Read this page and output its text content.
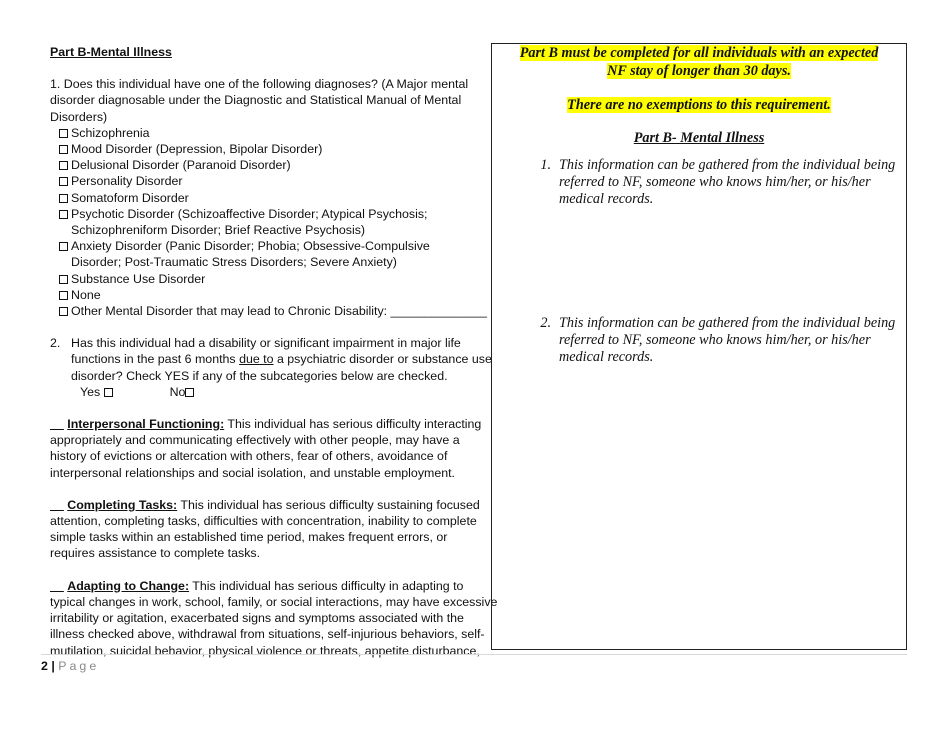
Part B-Mental Illness
1. Does this individual have one of the following diagnoses? (A Major mental
disorder diagnosable under the Diagnostic and Statistical Manual of Mental
Disorders)
Schizophrenia
Mood Disorder (Depression, Bipolar Disorder)
Delusional Disorder (Paranoid Disorder)
Personality Disorder
Somatoform Disorder
Psychotic Disorder (Schizoaffective Disorder; Atypical Psychosis;
Schizophreniform Disorder; Brief Reactive Psychosis)
Anxiety Disorder (Panic Disorder; Phobia; Obsessive-Compulsive
Disorder; Post-Traumatic Stress Disorders; Severe Anxiety)
Substance Use Disorder
None
Other Mental Disorder that may lead to Chronic Disability: ______________
2. Has this individual had a disability or significant impairment in major life
functions in the past 6 months due to a psychiatric disorder or substance use
disorder? Check YES if any of the subcategories below are checked.
Yes	No
__ Interpersonal Functioning: This individual has serious difficulty interacting
appropriately and communicating effectively with other people, may have a
history of evictions or altercation with others, fear of others, avoidance of
interpersonal relationships and social isolation, and unstable employment.
__ Completing Tasks: This individual has serious difficulty sustaining focused
attention, completing tasks, difficulties with concentration, inability to complete
simple tasks within an established time period, makes frequent errors, or
requires assistance to complete tasks.
__ Adapting to Change: This individual has serious difficulty in adapting to
typical changes in work, school, family, or social interactions, may have excessive
irritability or agitation, exacerbated signs and symptoms associated with the
illness checked above, withdrawal from situations, self-injurious behaviors, self-
mutilation, suicidal behavior, physical violence or threats, appetite disturbance,
Part B must be completed for all individuals with an expected
NF stay of longer than 30 days.
There are no exemptions to this requirement.
Part B- Mental Illness
1. This information can be gathered from the individual being referred to NF, someone who knows him/her, or his/her medical records.
2. This information can be gathered from the individual being referred to NF, someone who knows him/her, or his/her medical records.
2 | Page
